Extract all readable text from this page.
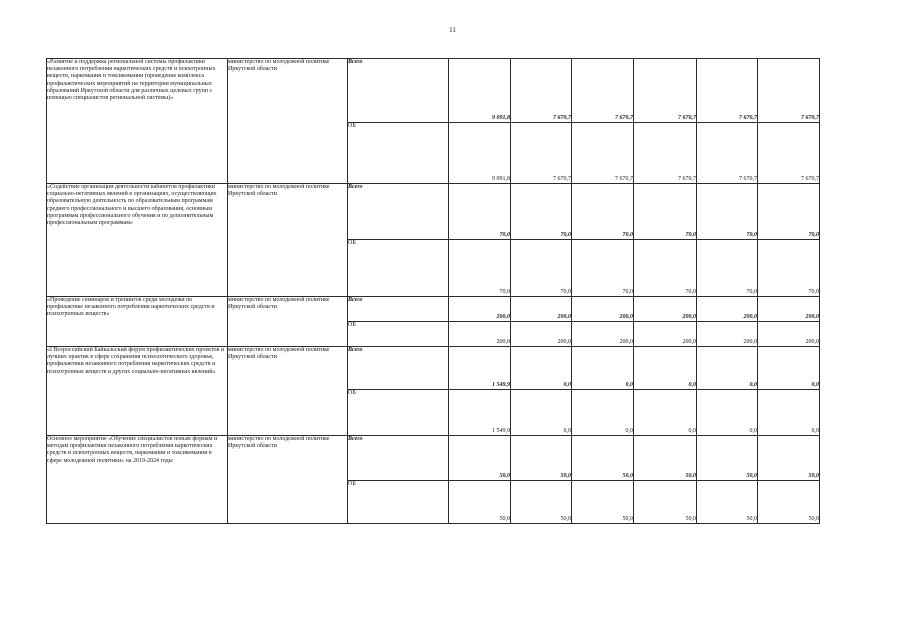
11
«Развитие и поддержка региональной системы профилактики незаконного потребления наркотических средств и психотропных веществ, наркомании и токсикомании (проведение комплекса профилактических мероприятий на территории муниципальных образований Иркутской области для различных целевых групп с помощью специалистов региональной системы)»	министерство по молодежной политике Иркутской области	Всего	9 091,8	7 670,7	7 670,7	7 670,7	7 670,7	7 670,7
		ОБ	9 091,8	7 670,7	7 670,7	7 670,7	7 670,7	7 670,7
«Содействие организации деятельности кабинетов профилактики социально-негативных явлений в организациях, осуществляющих образовательную деятельность по образовательным программам среднего профессионального и высшего образования, основным программам профессионального обучения и по дополнительным профессиональным программам»	министерство по молодежной политике Иркутской области	Всего	70,0	70,0	70,0	70,0	70,0	70,0
		ОБ	70,0	70,0	70,0	70,0	70,0	70,0
«Проведение семинаров и тренингов среди молодежи по профилактике незаконного потребления наркотических средств и психотропных веществ»	министерство по молодежной политике Иркутской области	Всего	200,0	200,0	200,0	200,0	200,0	200,0
		ОБ	200,0	200,0	200,0	200,0	200,0	200,0
«I Всероссийский Байкальский форум профилактических проектов и лучших практик в сфере сохранения психологического здоровья, профилактики незаконного потребления наркотических средств и психотропных веществ и других социально-негативных явлений»	министерство по молодежной политике Иркутской области	Всего	1 549,9	0,0	0,0	0,0	0,0	0,0
		ОБ	1 549,9	0,0	0,0	0,0	0,0	0,0
Основное мероприятие «Обучение специалистов новым формам и методам профилактики незаконного потребления наркотических средств и психотропных веществ, наркомании и токсикомании в сфере молодежной политики» на 2019-2024 годы	министерство по молодежной политике Иркутской области	Всего	50,0	50,0	50,0	50,0	50,0	50,0
		ОБ	50,0	50,0	50,0	50,0	50,0	50,0
